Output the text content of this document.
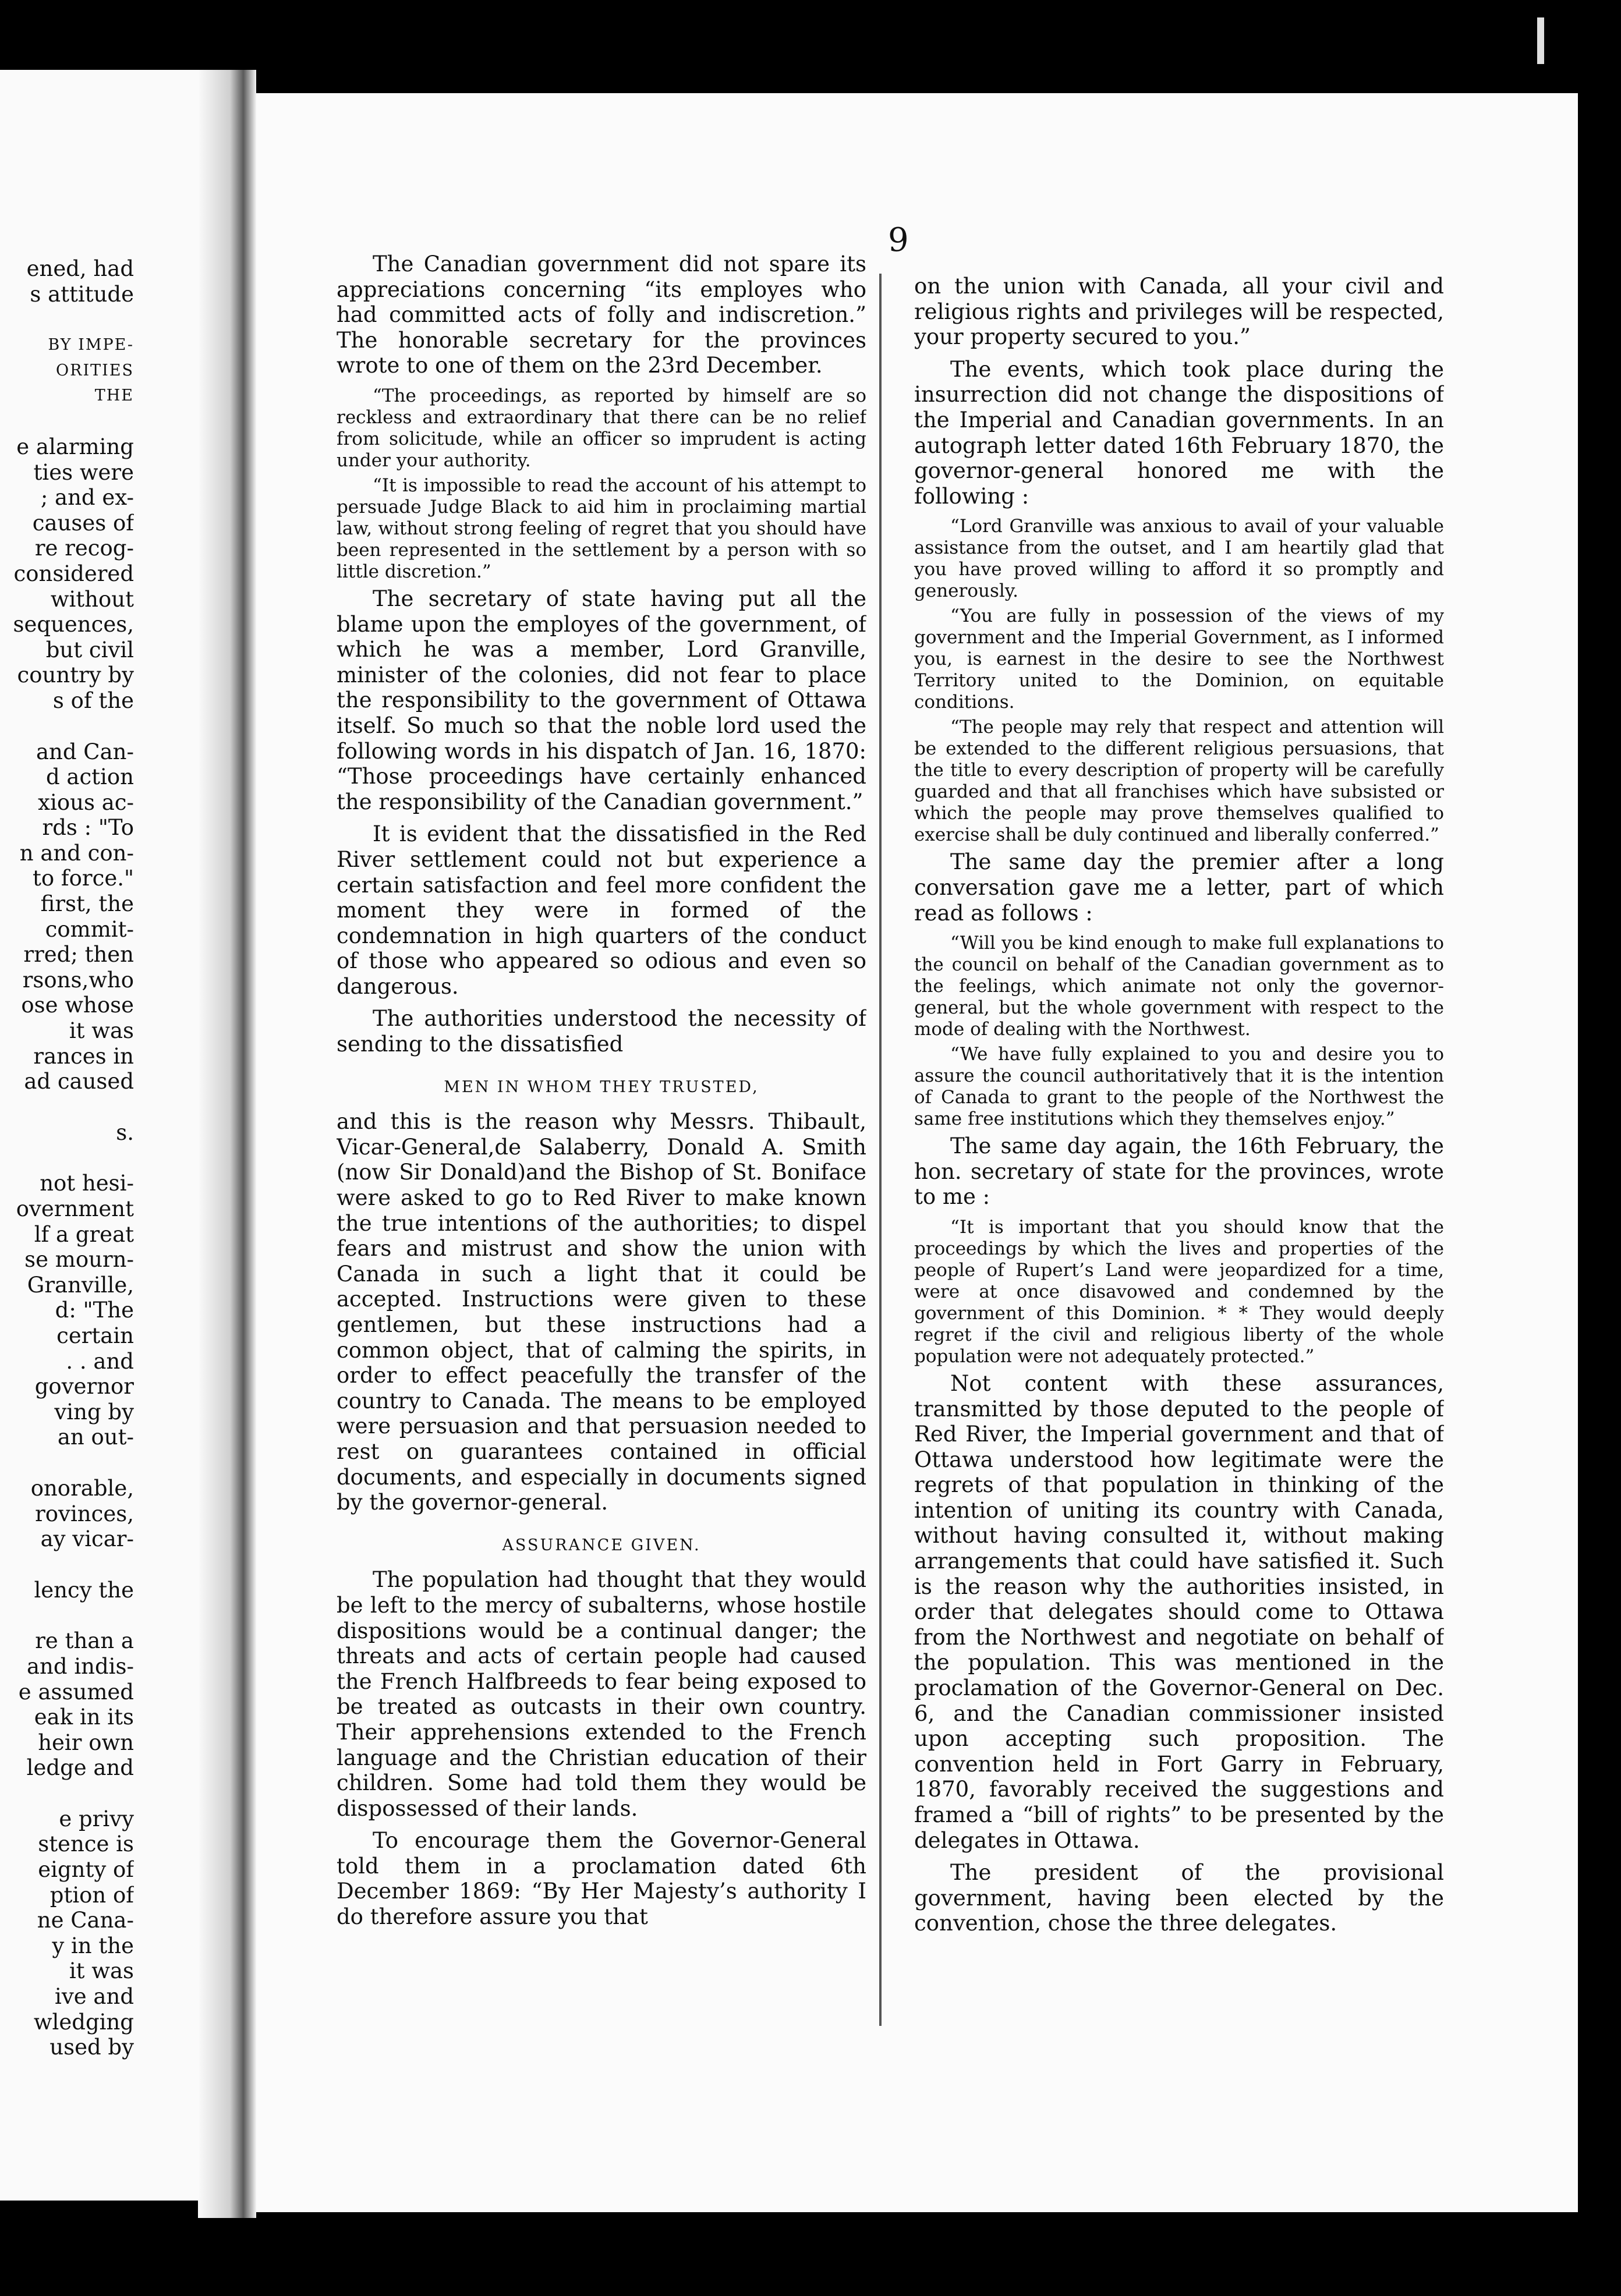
ened, had
s attitude
BY IMPE-
ORITIES
THE
e alarming
ties were
; and ex-
causes of
re recog-
considered
without
sequences,
but civil
country by
s of the
and Can-
d action
xious ac-
rds : "To
n and con-
to force."
first, the
commit-
rred; then
rsons,who
ose whose
it was
rances in
ad caused
s.
not hesi-
overnment
lf a great
se mourn-
Granville,
d: "The
certain
. . and
governor
ving by
an out-
onorable,
rovinces,
ay vicar-
lency the
re than a
and indis-
e assumed
eak in its
heir own
ledge and
e privy
stence is
eignty of
ption of
ne Cana-
y in the
it was
ive and
wledging
used by
9

The Canadian government did not spare its appreciations concerning “its employes who had committed acts of folly and indiscretion.” The honorable secretary for the provinces wrote to one of them on the 23rd December.

“The proceedings, as reported by himself are so reckless and extraordinary that there can be no relief from solicitude, while an officer so imprudent is acting under your authority.

“It is impossible to read the account of his attempt to persuade Judge Black to aid him in proclaiming martial law, without strong feeling of regret that you should have been represented in the settlement by a person with so little discretion.”

The secretary of state having put all the blame upon the employes of the government, of which he was a member, Lord Granville, minister of the colonies, did not fear to place the responsibility to the government of Ottawa itself. So much so that the noble lord used the following words in his dispatch of Jan. 16, 1870: “Those proceedings have certainly enhanced the responsibility of the Canadian government.”

It is evident that the dissatisfied in the Red River settlement could not but experience a certain satisfaction and feel more confident the moment they were in formed of the condemnation in high quarters of the conduct of those who appeared so odious and even so dangerous.

The authorities understood the necessity of sending to the dissatisfied

MEN IN WHOM THEY TRUSTED,

and this is the reason why Messrs. Thibault, Vicar-General,de Salaberry, Donald A. Smith (now Sir Donald)and the Bishop of St. Boniface were asked to go to Red River to make known the true intentions of the authorities; to dispel fears and mistrust and show the union with Canada in such a light that it could be accepted. Instructions were given to these gentlemen, but these instructions had a common object, that of calming the spirits, in order to effect peacefully the transfer of the country to Canada. The means to be employed were persuasion and that persuasion needed to rest on guarantees contained in official documents, and especially in documents signed by the governor-general.

ASSURANCE GIVEN.

The population had thought that they would be left to the mercy of subalterns, whose hostile dispositions would be a continual danger; the threats and acts of certain people had caused the French Halfbreeds to fear being exposed to be treated as outcasts in their own country. Their apprehensions extended to the French language and the Christian education of their children. Some had told them they would be dispossessed of their lands.

To encourage them the Governor-General told them in a proclamation dated 6th December 1869: “By Her Majesty’s authority I do therefore assure you that

on the union with Canada, all your civil and religious rights and privileges will be respected, your property secured to you.”

The events, which took place during the insurrection did not change the dispositions of the Imperial and Canadian governments. In an autograph letter dated 16th February 1870, the governor-general honored me with the following :

“Lord Granville was anxious to avail of your valuable assistance from the outset, and I am heartily glad that you have proved willing to afford it so promptly and generously.

“You are fully in possession of the views of my government and the Imperial Government, as I informed you, is earnest in the desire to see the Northwest Territory united to the Dominion, on equitable conditions.

“The people may rely that respect and attention will be extended to the different religious persuasions, that the title to every description of property will be carefully guarded and that all franchises which have subsisted or which the people may prove themselves qualified to exercise shall be duly continued and liberally conferred.”

The same day the premier after a long conversation gave me a letter, part of which read as follows :

“Will you be kind enough to make full explanations to the council on behalf of the Canadian government as to the feelings, which animate not only the governor-general, but the whole government with respect to the mode of dealing with the Northwest.

“We have fully explained to you and desire you to assure the council authoritatively that it is the intention of Canada to grant to the people of the Northwest the same free institutions which they themselves enjoy.”

The same day again, the 16th February, the hon. secretary of state for the provinces, wrote to me :

“It is important that you should know that the proceedings by which the lives and properties of the people of Rupert’s Land were jeopardized for a time, were at once disavowed and condemned by the government of this Dominion. * * They would deeply regret if the civil and religious liberty of the whole population were not adequately protected.”

Not content with these assurances, transmitted by those deputed to the people of Red River, the Imperial government and that of Ottawa understood how legitimate were the regrets of that population in thinking of the intention of uniting its country with Canada, without having consulted it, without making arrangements that could have satisfied it. Such is the reason why the authorities insisted, in order that delegates should come to Ottawa from the Northwest and negotiate on behalf of the population. This was mentioned in the proclamation of the Governor-General on Dec. 6, and the Canadian commissioner insisted upon accepting such proposition. The convention held in Fort Garry in February, 1870, favorably received the suggestions and framed a “bill of rights” to be presented by the delegates in Ottawa.

The president of the provisional government, having been elected by the convention, chose the three delegates.
